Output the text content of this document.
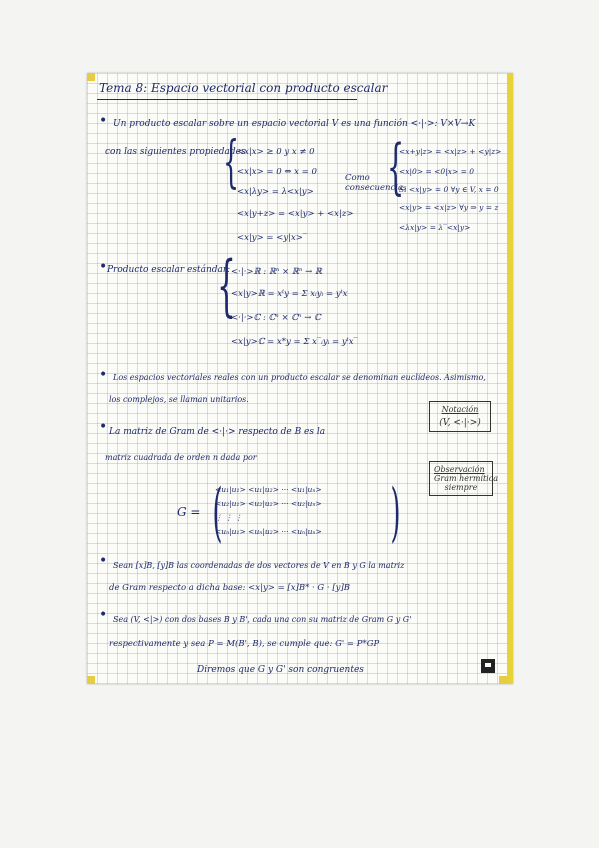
Tema 8: Espacio vectorial con producto escalar
• Un producto escalar sobre un espacio vectorial V es una función <·|·>: V×V→K
con las siguientes propiedades
{
<x|x> ≥ 0 y x ≠ 0
<x|x> = 0 ⇔ x = 0
<x|λy> = λ<x|y>
<x|y+z> = <x|y> + <x|z>
<x|y> = <y|x>‾
Como consecuencia:
{
<x+y|z> = <x|z> + <y|z>
<x|0> = <0|x> = 0
Si <x|y> = 0 ∀y ∈ V, x = 0
<x|y> = <x|z> ∀y ⇒ y = z
<λx|y> = λ‾<x|y>
• Producto escalar estándar:
{
<·|·>ℝ : ℝⁿ × ℝⁿ → ℝ
<x|y>ℝ = xᵗy = Σ xᵢyᵢ = yᵗx
<·|·>ℂ : ℂⁿ × ℂⁿ → ℂ
<x|y>ℂ = x*y = Σ x‾ᵢyᵢ = yᵗx‾
• Los espacios vectoriales reales con un producto escalar se denominan euclídeos. Asimismo,
los complejos, se llaman unitarios.
Notación
(V, <·|·>)
• La matriz de Gram de <·|·> respecto de B es la
matriz cuadrada de orden n dada por
Observación
Gram hermítica
siempre
G = (
<u₁|u₁> <u₁|u₂> ··· <u₁|uₙ>
<u₂|u₁> <u₂|u₂> ··· <u₂|uₙ>
⋮ ⋮ ⋮
<uₙ|u₁> <uₙ|u₂> ··· <uₙ|uₙ> )
• Sean [x]B, [y]B las coordenadas de dos vectores de V en B y G la matriz
de Gram respecto a dicha base: <x|y> = [x]B* · G · [y]B
• Sea (V, <|>) con dos bases B y B', cada una con su matriz de Gram G y G'
respectivamente y sea P = M(B', B), se cumple que: G' = P*GP
Diremos que G y G' son congruentes
